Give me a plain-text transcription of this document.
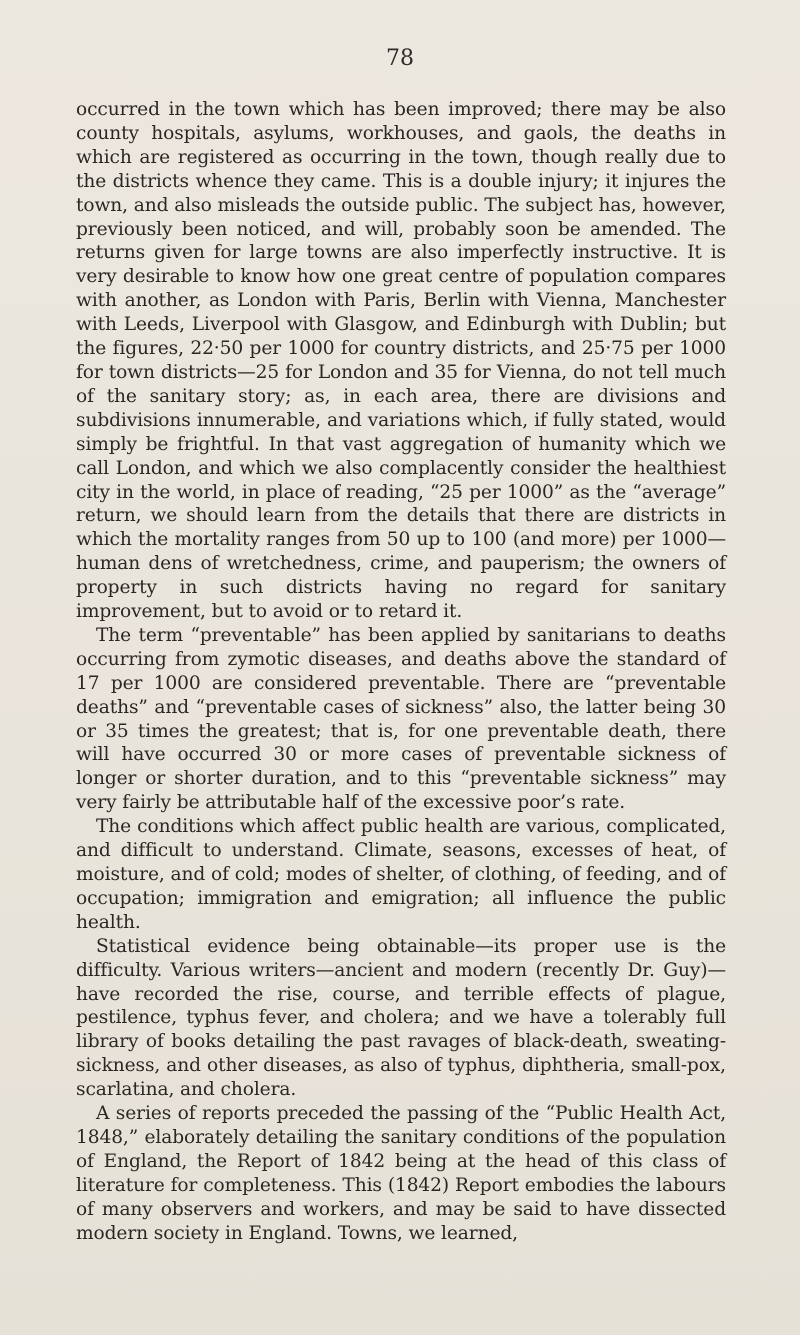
78

occurred in the town which has been improved; there may be also county hospitals, asylums, workhouses, and gaols, the deaths in which are registered as occurring in the town, though really due to the districts whence they came. This is a double injury; it injures the town, and also misleads the outside public. The subject has, however, previously been noticed, and will, probably soon be amended. The returns given for large towns are also imperfectly instructive. It is very desirable to know how one great centre of population compares with another, as London with Paris, Berlin with Vienna, Manchester with Leeds, Liverpool with Glasgow, and Edinburgh with Dublin; but the figures, 22·50 per 1000 for country districts, and 25·75 per 1000 for town districts—25 for London and 35 for Vienna, do not tell much of the sanitary story; as, in each area, there are divisions and subdivisions innumerable, and variations which, if fully stated, would simply be frightful. In that vast aggregation of humanity which we call London, and which we also complacently consider the healthiest city in the world, in place of reading, “25 per 1000” as the “average” return, we should learn from the details that there are districts in which the mortality ranges from 50 up to 100 (and more) per 1000—human dens of wretchedness, crime, and pauperism; the owners of property in such districts having no regard for sanitary improvement, but to avoid or to retard it.

The term “preventable” has been applied by sanitarians to deaths occurring from zymotic diseases, and deaths above the standard of 17 per 1000 are considered preventable. There are “preventable deaths” and “preventable cases of sickness” also, the latter being 30 or 35 times the greatest; that is, for one preventable death, there will have occurred 30 or more cases of preventable sickness of longer or shorter duration, and to this “preventable sickness” may very fairly be attributable half of the excessive poor’s rate.

The conditions which affect public health are various, complicated, and difficult to understand. Climate, seasons, excesses of heat, of moisture, and of cold; modes of shelter, of clothing, of feeding, and of occupation; immigration and emigration; all influence the public health.

Statistical evidence being obtainable—its proper use is the difficulty. Various writers—ancient and modern (recently Dr. Guy)—have recorded the rise, course, and terrible effects of plague, pestilence, typhus fever, and cholera; and we have a tolerably full library of books detailing the past ravages of black-death, sweating-sickness, and other diseases, as also of typhus, diphtheria, small-pox, scarlatina, and cholera.

A series of reports preceded the passing of the “Public Health Act, 1848,” elaborately detailing the sanitary conditions of the population of England, the Report of 1842 being at the head of this class of literature for completeness. This (1842) Report embodies the labours of many observers and workers, and may be said to have dissected modern society in England. Towns, we learned,
